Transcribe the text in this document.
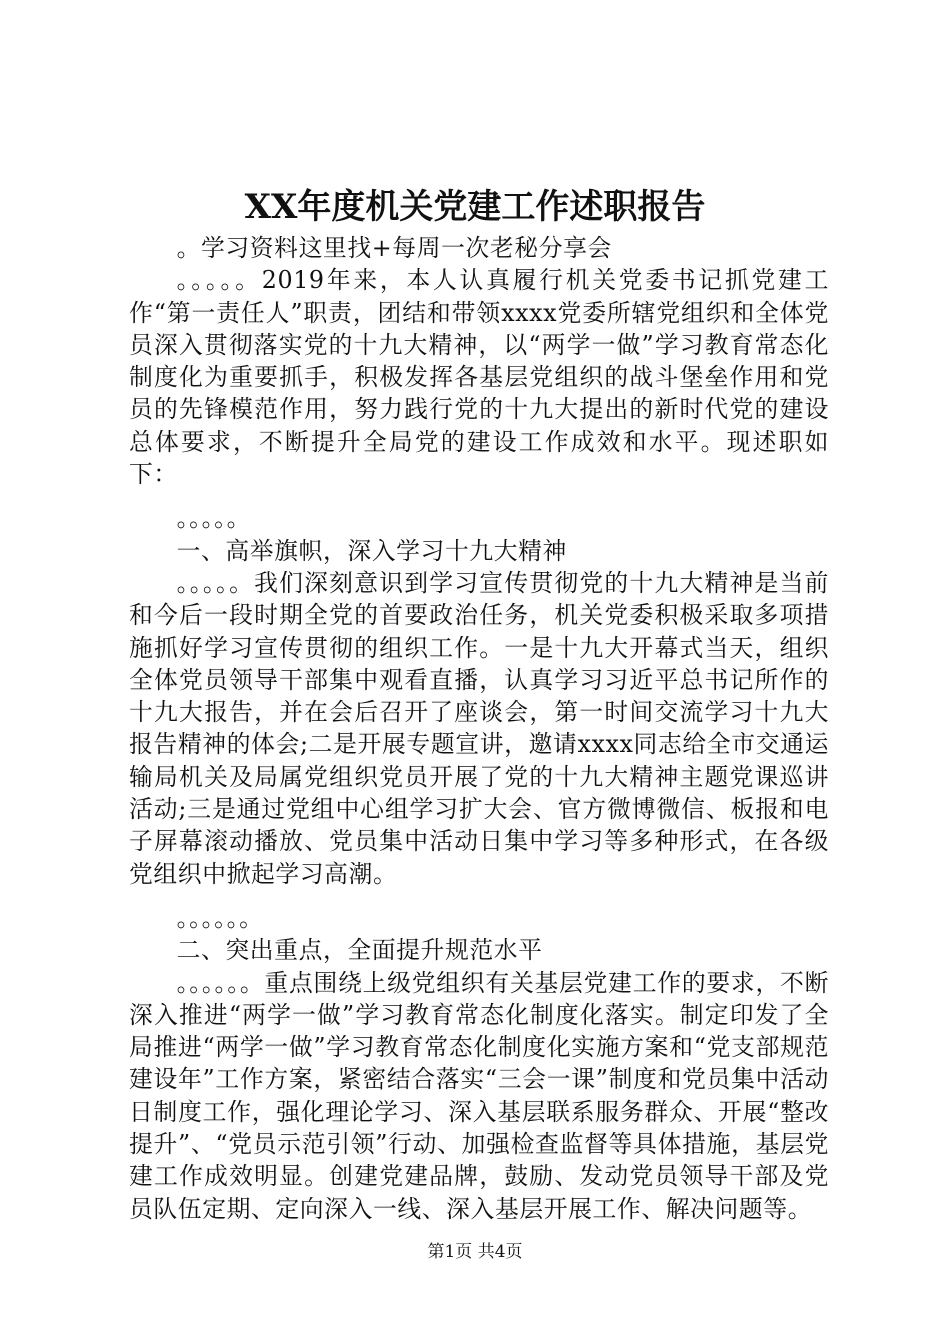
XX年度机关党建工作述职报告

。学习资料这里找+每周一次老秘分享会

。。。。。2019年来，本人认真履行机关党委书记抓党建工作“第一责任人”职责，团结和带领xxxx党委所辖党组织和全体党员深入贯彻落实党的十九大精神，以“两学一做”学习教育常态化制度化为重要抓手，积极发挥各基层党组织的战斗堡垒作用和党员的先锋模范作用，努力践行党的十九大提出的新时代党的建设总体要求，不断提升全局党的建设工作成效和水平。现述职如下：

。。。。。

一、高举旗帜，深入学习十九大精神

。。。。。我们深刻意识到学习宣传贯彻党的十九大精神是当前和今后一段时期全党的首要政治任务，机关党委积极采取多项措施抓好学习宣传贯彻的组织工作。一是十九大开幕式当天，组织全体党员领导干部集中观看直播，认真学习习近平总书记所作的十九大报告，并在会后召开了座谈会，第一时间交流学习十九大报告精神的体会;二是开展专题宣讲，邀请xxxx同志给全市交通运输局机关及局属党组织党员开展了党的十九大精神主题党课巡讲活动;三是通过党组中心组学习扩大会、官方微博微信、板报和电子屏幕滚动播放、党员集中活动日集中学习等多种形式，在各级党组织中掀起学习高潮。

。。。。。。

二、突出重点，全面提升规范水平

。。。。。。重点围绕上级党组织有关基层党建工作的要求，不断深入推进“两学一做”学习教育常态化制度化落实。制定印发了全局推进“两学一做”学习教育常态化制度化实施方案和“党支部规范建设年”工作方案，紧密结合落实“三会一课”制度和党员集中活动日制度工作，强化理论学习、深入基层联系服务群众、开展“整改提升”、“党员示范引领”行动、加强检查监督等具体措施，基层党建工作成效明显。创建党建品牌，鼓励、发动党员领导干部及党员队伍定期、定向深入一线、深入基层开展工作、解决问题等。

第1页 共4页
